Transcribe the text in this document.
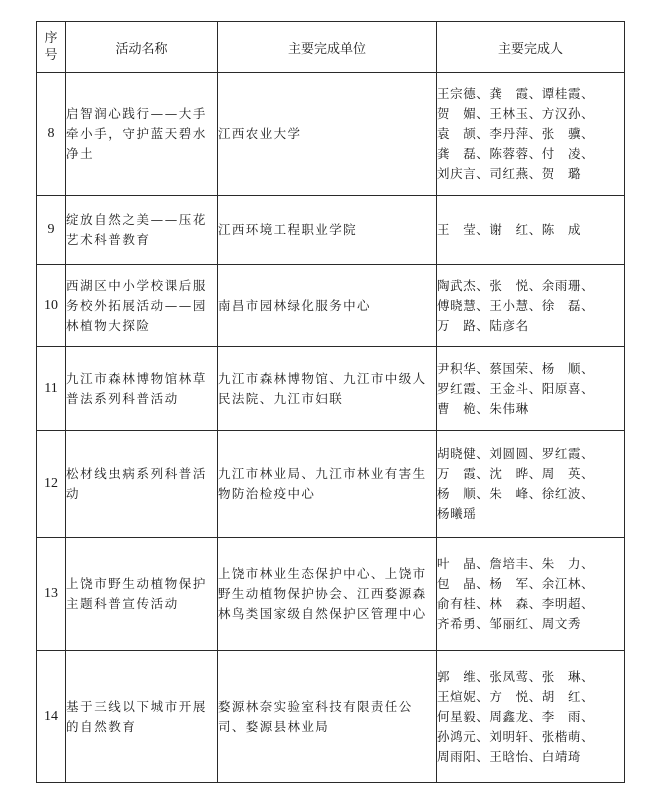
序
号	活动名称	主要完成单位	主要完成人
8	启智润心践行——大手牵小手，守护蓝天碧水净土	江西农业大学	王宗德、龚　霞、谭桂霞、
贺　媚、王林玉、方汉孙、
袁　颉、李丹萍、张　骥、
龚　磊、陈蓉蓉、付　凌、
刘庆言、司红燕、贺　璐

9	绽放自然之美——压花艺术科普教育	江西环境工程职业学院	王　莹、谢　红、陈　成

10	西湖区中小学校课后服务校外拓展活动——园林植物大探险	南昌市园林绿化服务中心	陶武杰、张　悦、余雨珊、
傅晓慧、王小慧、徐　磊、
万　路、陆彦名

11	九江市森林博物馆林草普法系列科普活动	九江市森林博物馆、九江市中级人民法院、九江市妇联	尹积华、蔡国荣、杨　顺、
罗红霞、王金斗、阳原喜、
曹　桅、朱伟琳

12	松材线虫病系列科普活动	九江市林业局、九江市林业有害生物防治检疫中心	胡晓健、刘圆圆、罗红霞、
万　霞、沈　晔、周　英、
杨　顺、朱　峰、徐红波、
杨曦瑶

13	上饶市野生动植物保护主题科普宣传活动	上饶市林业生态保护中心、上饶市野生动植物保护协会、江西婺源森林鸟类国家级自然保护区管理中心	叶　晶、詹培丰、朱　力、
包　晶、杨　军、余江林、
俞有桂、林　森、李明超、
齐希勇、邹丽红、周文秀

14	基于三线以下城市开展的自然教育	婺源林奈实验室科技有限责任公司、婺源县林业局	郭　维、张凤莺、张　琳、
王煊妮、方　悦、胡　红、
何星毅、周鑫龙、李　雨、
孙鸿元、刘明轩、张楷萌、
周雨阳、王晗怡、白靖琦
